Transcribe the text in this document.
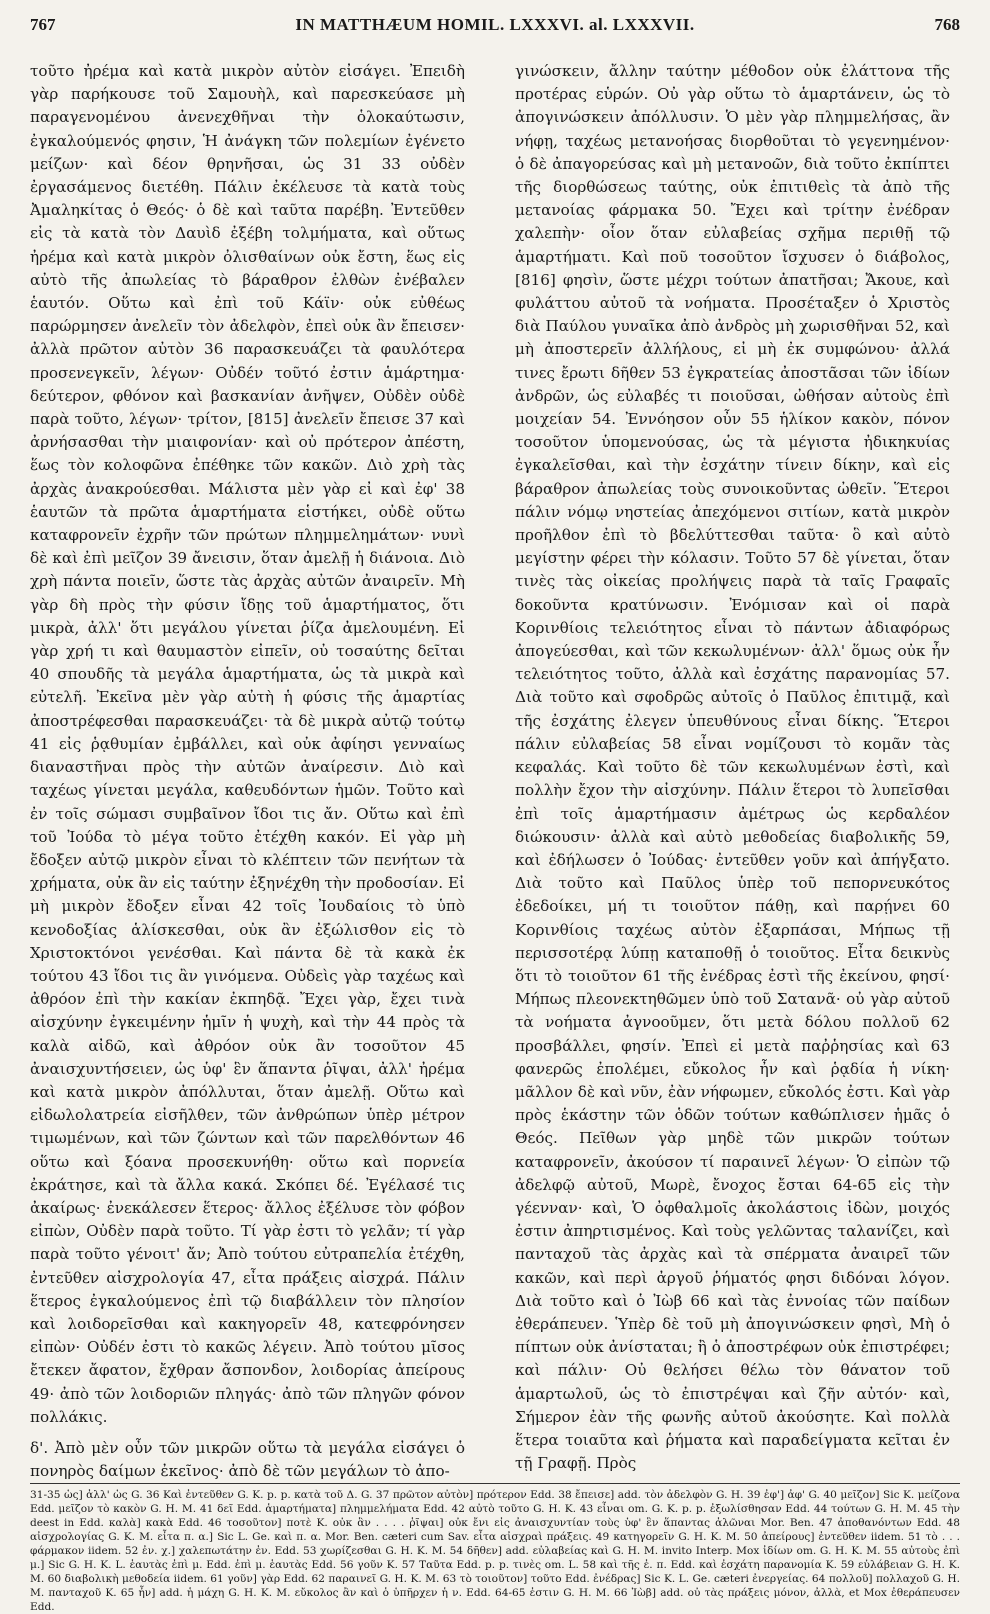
767	IN MATTHÆUM HOMIL. LXXXVI. al. LXXXVII.	768

τοῦτο ἠρέμα καὶ κατὰ μικρὸν αὐτὸν εἰσάγει. Ἐπειδὴ γὰρ παρήκουσε τοῦ Σαμουὴλ, καὶ παρεσκεύασε μὴ παραγενομένου ἀνενεχθῆναι τὴν ὁλοκαύτωσιν, ἐγκαλούμενός φησιν, Ἡ ἀνάγκη τῶν πολεμίων ἐγένετο μείζων· καὶ δέον θρηνῆσαι, ὡς 31 33 οὐδὲν ἐργασάμενος διετέθη. Πάλιν ἐκέλευσε τὰ κατὰ τοὺς Ἀμαληκίτας ὁ Θεός· ὁ δὲ καὶ ταῦτα παρέβη. Ἐντεῦθεν εἰς τὰ κατὰ τὸν Δαυὶδ ἐξέβη τολμήματα, καὶ οὕτως ἠρέμα καὶ κατὰ μικρὸν ὀλισθαίνων οὐκ ἔστη, ἕως εἰς αὐτὸ τῆς ἀπωλείας τὸ βάραθρον ἐλθὼν ἐνέβαλεν ἑαυτόν. Οὕτω καὶ ἐπὶ τοῦ Κάϊν· οὐκ εὐθέως παρώρμησεν ἀνελεῖν τὸν ἀδελφὸν, ἐπεὶ οὐκ ἂν ἔπεισεν· ἀλλὰ πρῶτον αὐτὸν 36 παρασκευάζει τὰ φαυλότερα προσενεγκεῖν, λέγων· Οὐδέν τοῦτό ἐστιν ἁμάρτημα· δεύτερον, φθόνον καὶ βασκανίαν ἀνῆψεν, Οὐδὲν οὐδὲ παρὰ τοῦτο, λέγων· τρίτον, [815] ἀνελεῖν ἔπεισε 37 καὶ ἀρνήσασθαι τὴν μιαιφονίαν· καὶ οὐ πρότερον ἀπέστη, ἕως τὸν κολοφῶνα ἐπέθηκε τῶν κακῶν. Διὸ χρὴ τὰς ἀρχὰς ἀνακρούεσθαι. Μάλιστα μὲν γὰρ εἰ καὶ ἐφ' 38 ἑαυτῶν τὰ πρῶτα ἁμαρτήματα εἱστήκει, οὐδὲ οὕτω καταφρονεῖν ἐχρῆν τῶν πρώτων πλημμελημάτων· νυνὶ δὲ καὶ ἐπὶ μεῖζον 39 ἄνεισιν, ὅταν ἀμελῇ ἡ διάνοια. Διὸ χρὴ πάντα ποιεῖν, ὥστε τὰς ἀρχὰς αὐτῶν ἀναιρεῖν. Μὴ γὰρ δὴ πρὸς τὴν φύσιν ἴδῃς τοῦ ἁμαρτήματος, ὅτι μικρὰ, ἀλλ' ὅτι μεγάλου γίνεται ῥίζα ἀμελουμένη. Εἰ γὰρ χρή τι καὶ θαυμαστὸν εἰπεῖν, οὐ τοσαύτης δεῖται 40 σπουδῆς τὰ μεγάλα ἁμαρτήματα, ὡς τὰ μικρὰ καὶ εὐτελῆ. Ἐκεῖνα μὲν γὰρ αὐτὴ ἡ φύσις τῆς ἁμαρτίας ἀποστρέφεσθαι παρασκευάζει· τὰ δὲ μικρὰ αὐτῷ τούτῳ 41 εἰς ῥᾳθυμίαν ἐμβάλλει, καὶ οὐκ ἀφίησι γενναίως διαναστῆναι πρὸς τὴν αὐτῶν ἀναίρεσιν. Διὸ καὶ ταχέως γίνεται μεγάλα, καθευδόντων ἡμῶν. Τοῦτο καὶ ἐν τοῖς σώμασι συμβαῖνον ἴδοι τις ἄν. Οὕτω καὶ ἐπὶ τοῦ Ἰούδα τὸ μέγα τοῦτο ἐτέχθη κακόν. Εἰ γὰρ μὴ ἔδοξεν αὐτῷ μικρὸν εἶναι τὸ κλέπτειν τῶν πενήτων τὰ χρήματα, οὐκ ἂν εἰς ταύτην ἐξηνέχθη τὴν προδοσίαν. Εἰ μὴ μικρὸν ἔδοξεν εἶναι 42 τοῖς Ἰουδαίοις τὸ ὑπὸ κενοδοξίας ἁλίσκεσθαι, οὐκ ἂν ἐξώλισθον εἰς τὸ Χριστοκτόνοι γενέσθαι. Καὶ πάντα δὲ τὰ κακὰ ἐκ τούτου 43 ἴδοι τις ἂν γινόμενα. Οὐδεὶς γὰρ ταχέως καὶ ἀθρόον ἐπὶ τὴν κακίαν ἐκπηδᾷ. Ἔχει γὰρ, ἔχει τινὰ αἰσχύνην ἐγκειμένην ἡμῖν ἡ ψυχὴ, καὶ τὴν 44 πρὸς τὰ καλὰ αἰδῶ, καὶ ἀθρόον οὐκ ἂν τοσοῦτον 45 ἀναισχυντήσειεν, ὡς ὑφ' ἓν ἅπαντα ῥῖψαι, ἀλλ' ἠρέμα καὶ κατὰ μικρὸν ἀπόλλυται, ὅταν ἀμελῇ. Οὕτω καὶ εἰδωλολατρεία εἰσῆλθεν, τῶν ἀνθρώπων ὑπὲρ μέτρον τιμωμένων, καὶ τῶν ζώντων καὶ τῶν παρελθόντων 46 οὕτω καὶ ξόανα προσεκυνήθη· οὕτω καὶ πορνεία ἐκράτησε, καὶ τὰ ἄλλα κακά. Σκόπει δέ. Ἐγέλασέ τις ἀκαίρως· ἐνεκάλεσεν ἕτερος· ἄλλος ἐξέλυσε τὸν φόβον εἰπὼν, Οὐδὲν παρὰ τοῦτο. Τί γὰρ ἐστι τὸ γελᾶν; τί γὰρ παρὰ τοῦτο γένοιτ' ἄν; Ἀπὸ τούτου εὐτραπελία ἐτέχθη, ἐντεῦθεν αἰσχρολογία 47, εἶτα πράξεις αἰσχρά. Πάλιν ἕτερος ἐγκαλούμενος ἐπὶ τῷ διαβάλλειν τὸν πλησίον καὶ λοιδορεῖσθαι καὶ κακηγορεῖν 48, κατεφρόνησεν εἰπὼν· Οὐδέν ἐστι τὸ κακῶς λέγειν. Ἀπὸ τούτου μῖσος ἔτεκεν ἄφατον, ἔχθραν ἄσπονδον, λοιδορίας ἀπείρους 49· ἀπὸ τῶν λοιδοριῶν πληγάς· ἀπὸ τῶν πληγῶν φόνον πολλάκις.

δ'. Ἀπὸ μὲν οὖν τῶν μικρῶν οὕτω τὰ μεγάλα εἰσάγει ὁ πονηρὸς δαίμων ἐκεῖνος· ἀπὸ δὲ τῶν μεγάλων τὸ ἀπο-

γινώσκειν, ἄλλην ταύτην μέθοδον οὐκ ἐλάττονα τῆς προτέρας εὑρών. Οὐ γὰρ οὕτω τὸ ἁμαρτάνειν, ὡς τὸ ἀπογινώσκειν ἀπόλλυσιν. Ὁ μὲν γὰρ πλημμελήσας, ἂν νήφῃ, ταχέως μετανοήσας διορθοῦται τὸ γεγενημένον· ὁ δὲ ἀπαγορεύσας καὶ μὴ μετανοῶν, διὰ τοῦτο ἐκπίπτει τῆς διορθώσεως ταύτης, οὐκ ἐπιτιθεὶς τὰ ἀπὸ τῆς μετανοίας φάρμακα 50. Ἔχει καὶ τρίτην ἐνέδραν χαλεπὴν· οἷον ὅταν εὐλαβείας σχῆμα περιθῇ τῷ ἁμαρτήματι. Καὶ ποῦ τοσοῦτον ἴσχυσεν ὁ διάβολος, [816] φησὶν, ὥστε μέχρι τούτων ἀπατῆσαι; Ἄκουε, καὶ φυλάττου αὐτοῦ τὰ νοήματα. Προσέταξεν ὁ Χριστὸς διὰ Παύλου γυναῖκα ἀπὸ ἀνδρὸς μὴ χωρισθῆναι 52, καὶ μὴ ἀποστερεῖν ἀλλήλους, εἰ μὴ ἐκ συμφώνου· ἀλλά τινες ἔρωτι δῆθεν 53 ἐγκρατείας ἀποστᾶσαι τῶν ἰδίων ἀνδρῶν, ὡς εὐλαβές τι ποιοῦσαι, ὠθήσαν αὐτοὺς ἐπὶ μοιχείαν 54. Ἐννόησον οὖν 55 ἡλίκον κακὸν, πόνον τοσοῦτον ὑπομενούσας, ὡς τὰ μέγιστα ἠδικηκυίας ἐγκαλεῖσθαι, καὶ τὴν ἐσχάτην τίνειν δίκην, καὶ εἰς βάραθρον ἀπωλείας τοὺς συνοικοῦντας ὠθεῖν. Ἕτεροι πάλιν νόμῳ νηστείας ἀπεχόμενοι σιτίων, κατὰ μικρὸν προῆλθον ἐπὶ τὸ βδελύττεσθαι ταῦτα· ὃ καὶ αὐτὸ μεγίστην φέρει τὴν κόλασιν. Τοῦτο 57 δὲ γίνεται, ὅταν τινὲς τὰς οἰκείας προλήψεις παρὰ τὰ ταῖς Γραφαῖς δοκοῦντα κρατύνωσιν. Ἐνόμισαν καὶ οἱ παρὰ Κορινθίοις τελειότητος εἶναι τὸ πάντων ἀδιαφόρως ἀπογεύεσθαι, καὶ τῶν κεκωλυμένων· ἀλλ' ὅμως οὐκ ἦν τελειότητος τοῦτο, ἀλλὰ καὶ ἐσχάτης παρανομίας 57. Διὰ τοῦτο καὶ σφοδρῶς αὐτοῖς ὁ Παῦλος ἐπιτιμᾷ, καὶ τῆς ἐσχάτης ἐλεγεν ὑπευθύνους εἶναι δίκης. Ἕτεροι πάλιν εὐλαβείας 58 εἶναι νομίζουσι τὸ κομᾶν τὰς κεφαλάς. Καὶ τοῦτο δὲ τῶν κεκωλυμένων ἐστὶ, καὶ πολλὴν ἔχον τὴν αἰσχύνην. Πάλιν ἕτεροι τὸ λυπεῖσθαι ἐπὶ τοῖς ἁμαρτήμασιν ἀμέτρως ὡς κερδαλέον διώκουσιν· ἀλλὰ καὶ αὐτὸ μεθοδείας διαβολικῆς 59, καὶ ἐδήλωσεν ὁ Ἰούδας· ἐντεῦθεν γοῦν καὶ ἀπήγξατο. Διὰ τοῦτο καὶ Παῦλος ὑπὲρ τοῦ πεπορνευκότος ἐδεδοίκει, μή τι τοιοῦτον πάθῃ, καὶ παρῄνει 60 Κορινθίοις ταχέως αὐτὸν ἐξαρπάσαι, Μήπως τῇ περισσοτέρᾳ λύπῃ καταποθῇ ὁ τοιοῦτος. Εἶτα δεικνὺς ὅτι τὸ τοιοῦτον 61 τῆς ἐνέδρας ἐστὶ τῆς ἐκείνου, φησί· Μήπως πλεονεκτηθῶμεν ὑπὸ τοῦ Σατανᾶ· οὐ γὰρ αὐτοῦ τὰ νοήματα ἀγνοοῦμεν, ὅτι μετὰ δόλου πολλοῦ 62 προσβάλλει, φησίν. Ἐπεὶ εἰ μετὰ παῤῥησίας καὶ 63 φανερῶς ἐπολέμει, εὔκολος ἦν καὶ ῥᾳδία ἡ νίκη· μᾶλλον δὲ καὶ νῦν, ἐὰν νήφωμεν, εὔκολός ἐστι. Καὶ γὰρ πρὸς ἑκάστην τῶν ὁδῶν τούτων καθώπλισεν ἡμᾶς ὁ Θεός. Πεῖθων γὰρ μηδὲ τῶν μικρῶν τούτων καταφρονεῖν, ἀκούσον τί παραινεῖ λέγων· Ὁ εἰπὼν τῷ ἀδελφῷ αὐτοῦ, Μωρὲ, ἔνοχος ἔσται 64-65 εἰς τὴν γέενναν· καὶ, Ὁ ὀφθαλμοῖς ἀκολάστοις ἰδὼν, μοιχός ἐστιν ἀπηρτισμένος. Καὶ τοὺς γελῶντας ταλανίζει, καὶ πανταχοῦ τὰς ἀρχὰς καὶ τὰ σπέρματα ἀναιρεῖ τῶν κακῶν, καὶ περὶ ἀργοῦ ῥήματός φησι διδόναι λόγον. Διὰ τοῦτο καὶ ὁ Ἰὼβ 66 καὶ τὰς ἐννοίας τῶν παίδων ἐθεράπευεν. Ὑπὲρ δὲ τοῦ μὴ ἀπογινώσκειν φησὶ, Μὴ ὁ πίπτων οὐκ ἀνίσταται; ἢ ὁ ἀποστρέφων οὐκ ἐπιστρέφει; καὶ πάλιν· Οὐ θελήσει θέλω τὸν θάνατον τοῦ ἁμαρτωλοῦ, ὡς τὸ ἐπιστρέψαι καὶ ζῆν αὐτόν· καὶ, Σήμερον ἐὰν τῆς φωνῆς αὐτοῦ ἀκούσητε. Καὶ πολλὰ ἕτερα τοιαῦτα καὶ ῥήματα καὶ παραδείγματα κεῖται ἐν τῇ Γραφῇ. Πρὸς

31-35 ὡς] ἀλλ' ὡς G. 36 Καὶ ἐντεῦθεν G. K. p. p. κατὰ τοῦ Δ. G. 37 πρῶτον αὐτὸν] πρότερον Edd. 38 ἔπεισε] add. τὸν ἀδελφὸν G. H. 39 ἐφ'] ἀφ' G. 40 μεῖζον] Sic K. μείζονα Edd. μεῖζον τὸ κακὸν G. H. M. 41 δεῖ Edd. ἁμαρτήματα] πλημμελήματα Edd. 42 αὐτὸ τοῦτο G. H. K. 43 εἶναι om. G. K. p. p. ἐξωλίσθησαν Edd. 44 τούτων G. H. M. 45 τὴν deest in Edd. καλὰ] κακὰ Edd. 46 τοσοῦτον] ποτὲ K. οὐκ ἂν . . . . ῥῖψαι] οὐκ ἔνι εἰς ἀναισχυντίαν τοὺς ὑφ' ἓν ἅπαντας ἀλῶναι Mor. Ben. 47 ἀποθανόντων Edd. 48 αἰσχρολογίας G. K. M. εἶτα π. α.] Sic L. Ge. καὶ π. α. Mor. Ben. cæteri cum Sav. εἶτα αἰσχραὶ πράξεις. 49 κατηγορεῖν G. H. K. M. 50 ἀπείρους] ἐντεῦθεν iidem. 51 τὸ . . . φάρμακον iidem. 52 ἐν. χ.] χαλεπωτάτην ἐν. Edd. 53 χωρίζεσθαι G. H. K. M. 54 δῆθεν] add. εὐλαβείας καὶ G. H. M. invito Interp. Mox ἰδίων om. G. H. K. M. 55 αὐτοὺς ἐπὶ μ.] Sic G. H. K. L. ἑαυτὰς ἐπὶ μ. Edd. ἐπὶ μ. ἑαυτὰς Edd. 56 γοῦν K. 57 Ταῦτα Edd. p. p. τινὲς om. L. 58 καὶ τῆς ἐ. π. Edd. καὶ ἐσχάτη παρανομία K. 59 εὐλάβειαν G. H. K. M. 60 διαβολικὴ μεθοδεία iidem. 61 γοῦν] γὰρ Edd. 62 παραινεῖ G. H. K. M. 63 τὸ τοιοῦτον] τοῦτο Edd. ἐνέδρας] Sic K. L. Ge. cæteri ἐνεργείας. 64 πολλοῦ] πολλαχοῦ G. H. M. πανταχοῦ K. 65 ἦν] add. ἡ μάχη G. H. K. M. εὔκολος ἂν καὶ ὁ ὑπῆρχεν ἡ ν. Edd. 64-65 ἐστιν G. H. M. 66 Ἰὼβ] add. οὐ τὰς πράξεις μόνον, ἀλλὰ, et Mox ἐθεράπευσεν Edd.
